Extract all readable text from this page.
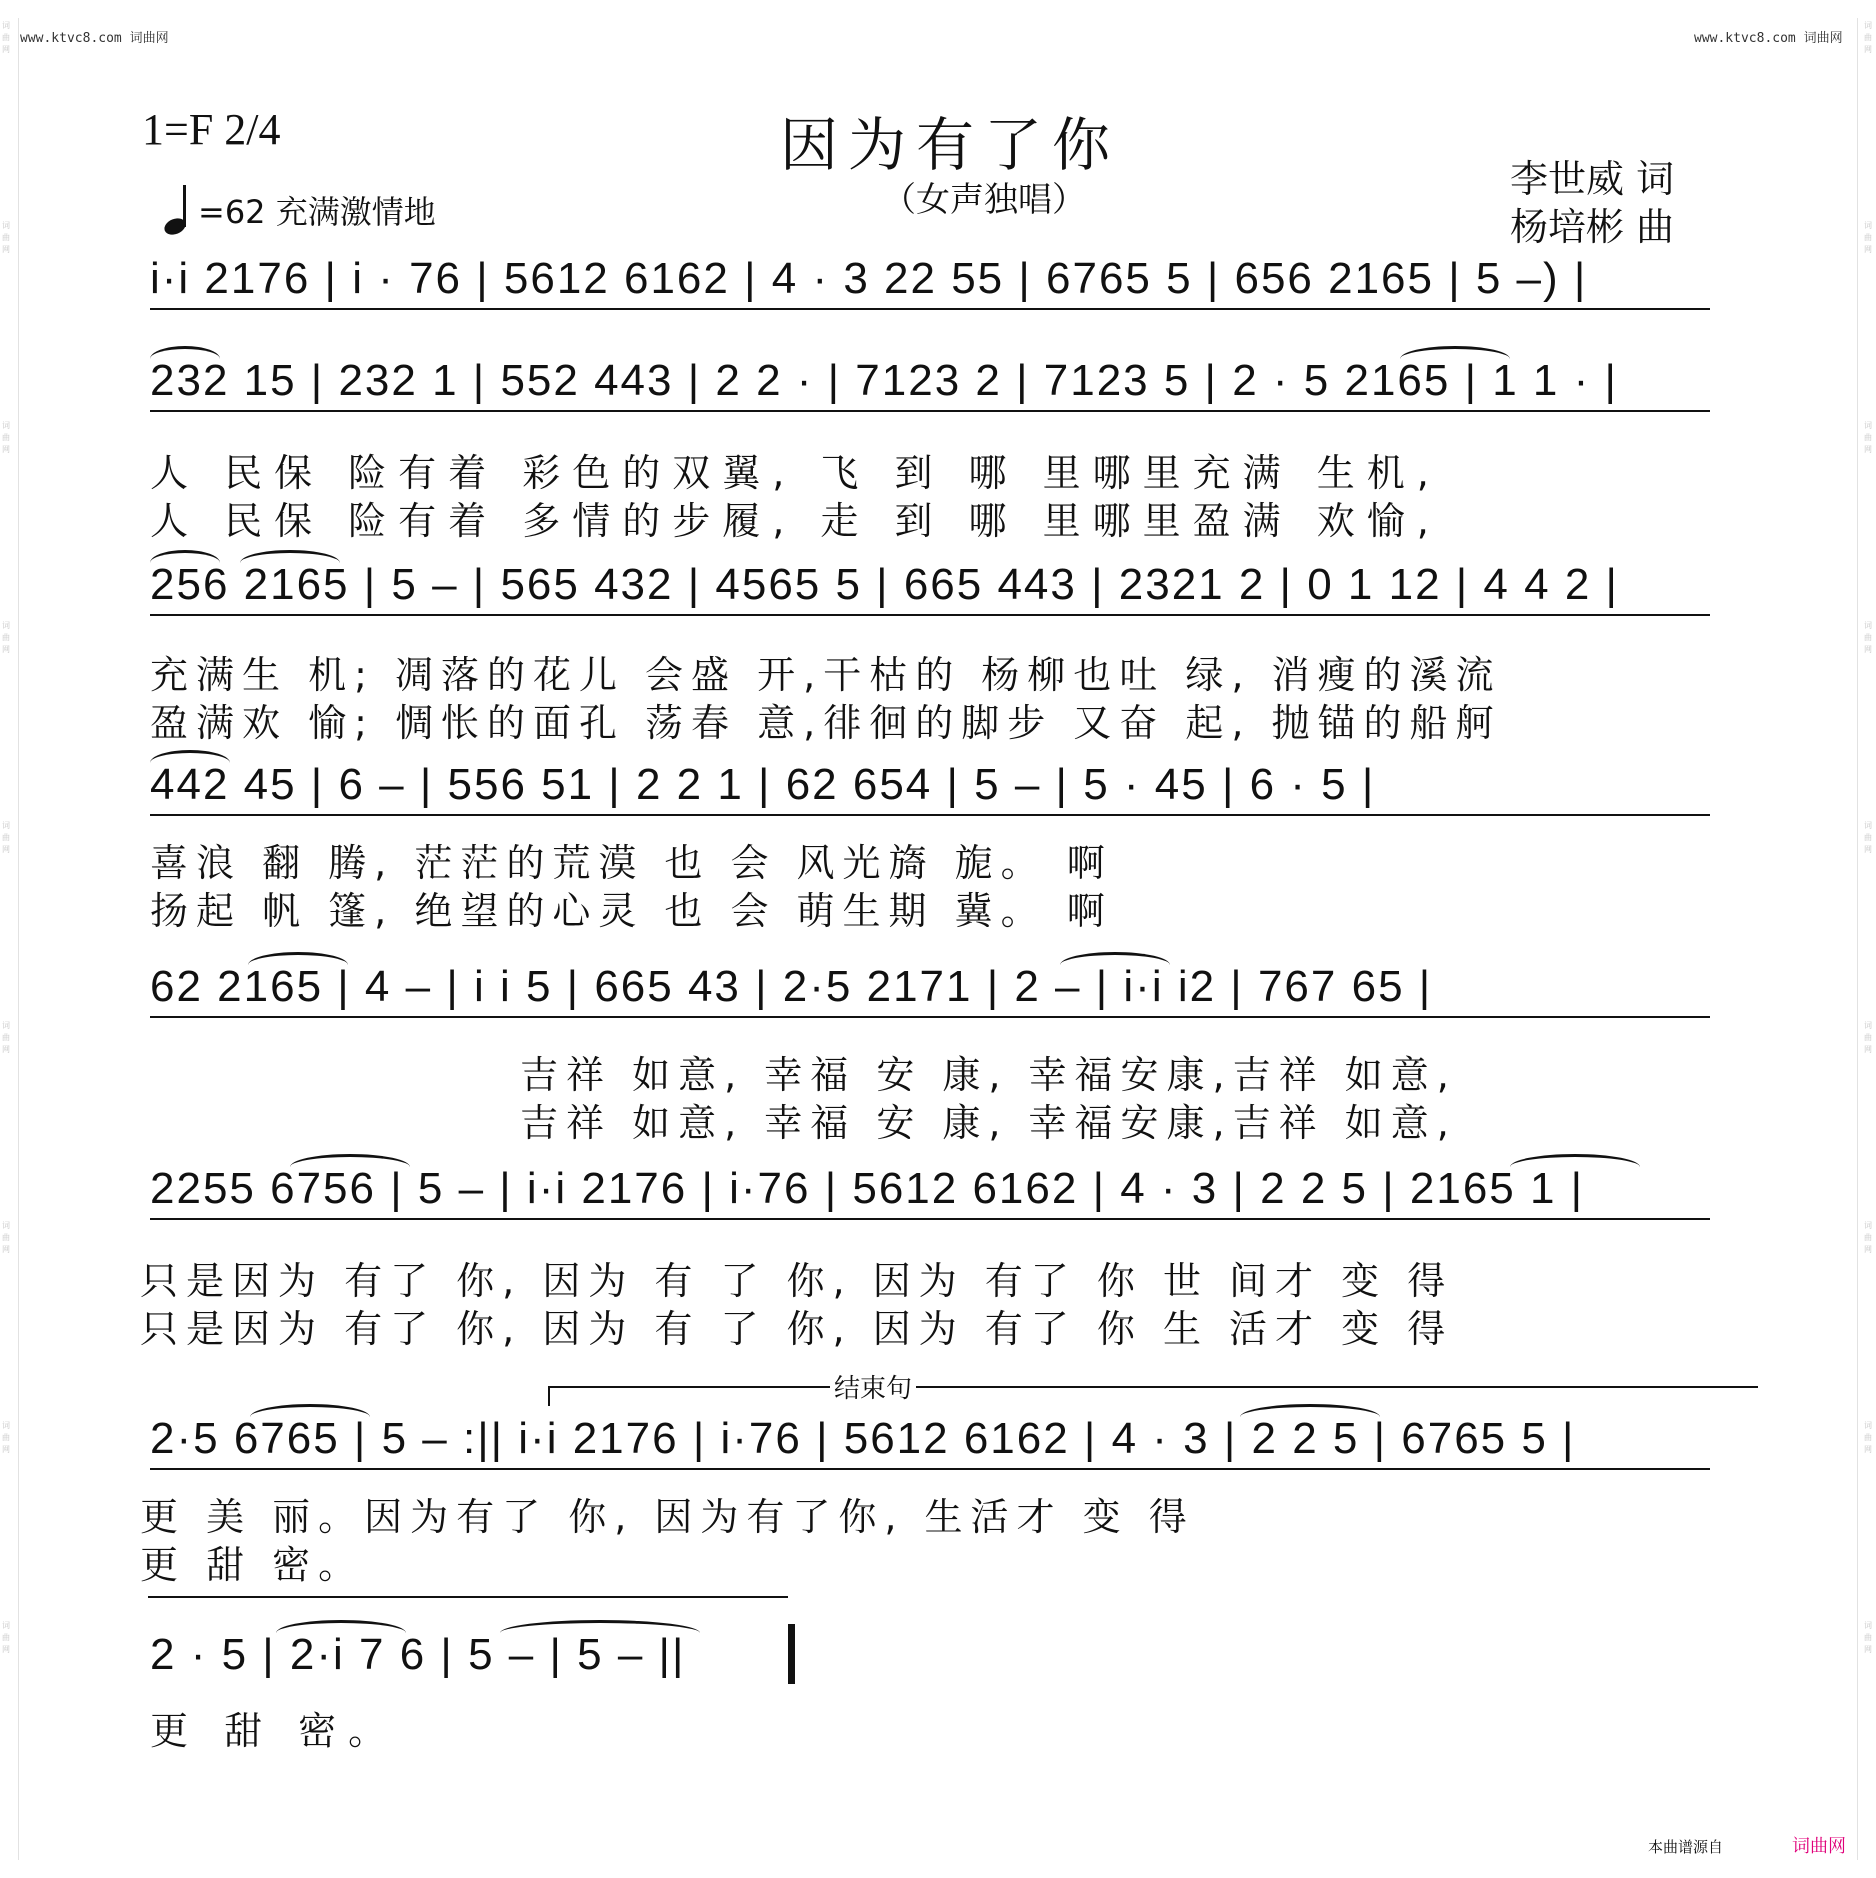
词曲网
词曲网
词曲网
词曲网
词曲网
词曲网
词曲网
词曲网
词曲网
词曲网
词曲网
词曲网
词曲网
词曲网
词曲网
词曲网
词曲网
词曲网
www.ktvc8.com 词曲网	www.ktvc8.com 词曲网
1=F 2/4	因为有了你
（女声独唱）
=62 充满激情地
李世威 词
杨培彬 曲
i·i 2176 | i · 76 | 5612 6162 | 4 · 3 22 55 | 6765 5 | 656 2165 | 5 –) |
232 15 | 232 1 | 552 443 | 2 2 · | 7123 2 | 7123 5 | 2 · 5 2165 | 1 1 · |
人 民保 险有着 彩色的双翼, 飞 到 哪 里哪里充满 生机,
人 民保 险有着 多情的步履, 走 到 哪 里哪里盈满 欢愉,
256 2165 | 5 – | 565 432 | 4565 5 | 665 443 | 2321 2 | 0 1 12 | 4 4 2 |
充满生 机; 凋落的花儿 会盛 开,干枯的 杨柳也吐 绿, 消瘦的溪流
盈满欢 愉; 惆怅的面孔 荡春 意,徘徊的脚步 又奋 起, 抛锚的船舸
442 45 | 6 – | 556 51 | 2 2 1 | 62 654 | 5 – | 5 · 45 | 6 · 5 |
喜浪 翻 腾, 茫茫的荒漠 也 会 风光旖 旎。 啊
扬起 帆 篷, 绝望的心灵 也 会 萌生期 冀。 啊
62 2165 | 4 – | i i 5 | 665 43 | 2·5 2171 | 2 – | i·i i2 | 767 65 |
吉祥 如意, 幸福 安 康, 幸福安康,吉祥 如意,
吉祥 如意, 幸福 安 康, 幸福安康,吉祥 如意,
2255 6756 | 5 – | i·i 2176 | i·76 | 5612 6162 | 4 · 3 | 2 2 5 | 2165 1 |
只是因为 有了 你, 因为 有 了 你, 因为 有了 你 世 间才 变 得
只是因为 有了 你, 因为 有 了 你, 因为 有了 你 生 活才 变 得
结束句
2·5 6765 | 5 – :|| i·i 2176 | i·76 | 5612 6162 | 4 · 3 | 2 2 5 | 6765 5 |
更 美 丽。因为有了 你, 因为有了你, 生活才 变 得
更 甜 密。
2 · 5 | 2·i 7 6 | 5 – | 5 – ||
更 甜 密。
本曲谱源自	词曲网
